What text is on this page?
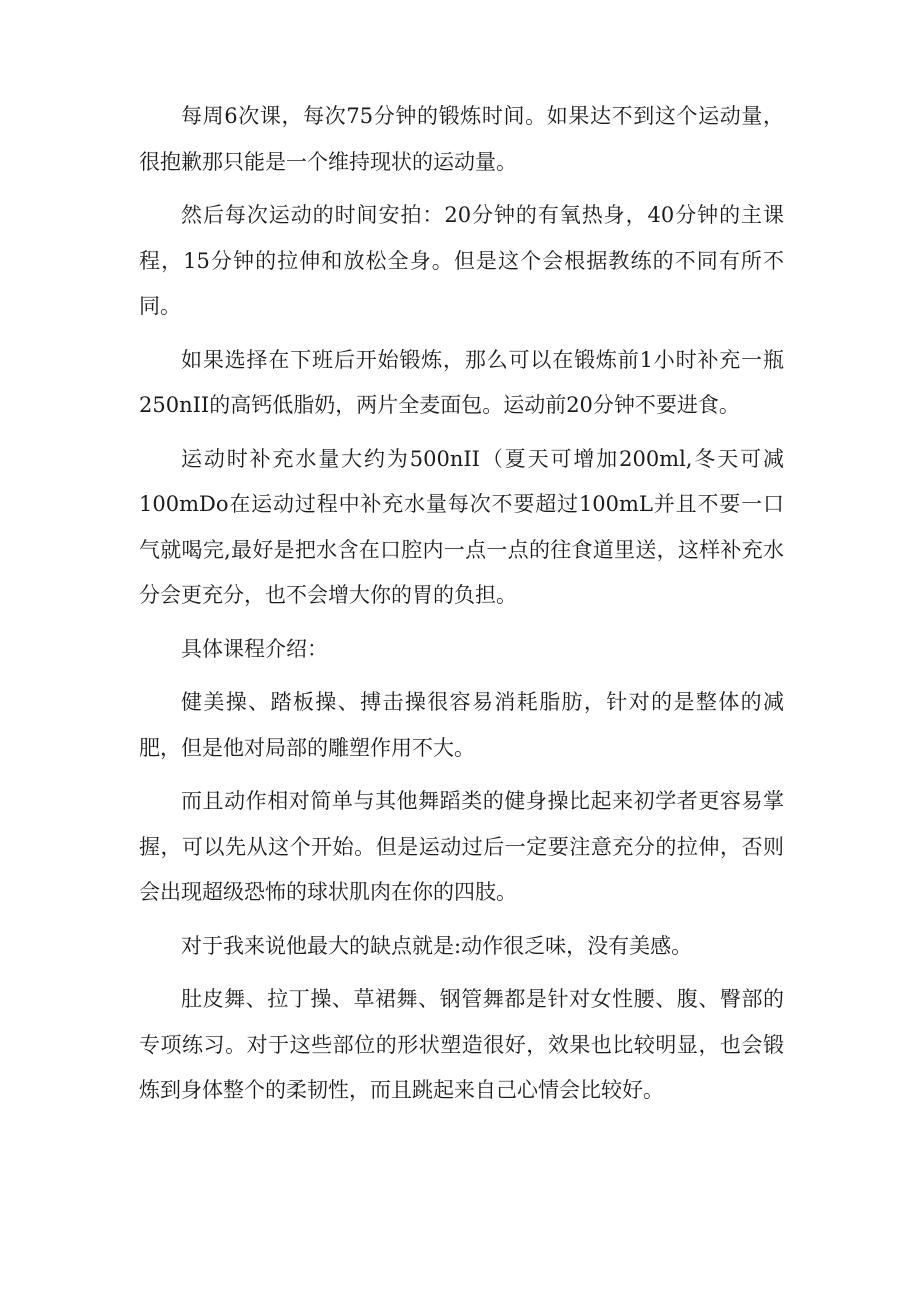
每周6次课，每次75分钟的锻炼时间。如果达不到这个运动量，很抱歉那只能是一个维持现状的运动量。

然后每次运动的时间安拍：20分钟的有氧热身，40分钟的主课程，15分钟的拉伸和放松全身。但是这个会根据教练的不同有所不同。

如果选择在下班后开始锻炼，那么可以在锻炼前1小时补充一瓶250nII的高钙低脂奶，两片全麦面包。运动前20分钟不要进食。

运动时补充水量大约为500nII（夏天可增加200ml,冬天可减100mDo在运动过程中补充水量每次不要超过100mL并且不要一口气就喝完,最好是把水含在口腔内一点一点的往食道里送，这样补充水分会更充分，也不会增大你的胃的负担。

具体课程介绍：

健美操、踏板操、搏击操很容易消耗脂肪，针对的是整体的减肥，但是他对局部的雕塑作用不大。

而且动作相对简单与其他舞蹈类的健身操比起来初学者更容易掌握，可以先从这个开始。但是运动过后一定要注意充分的拉伸，否则会出现超级恐怖的球状肌肉在你的四肢。

对于我来说他最大的缺点就是:动作很乏味，没有美感。

肚皮舞、拉丁操、草裙舞、钢管舞都是针对女性腰、腹、臀部的专项练习。对于这些部位的形状塑造很好，效果也比较明显，也会锻炼到身体整个的柔韧性，而且跳起来自己心情会比较好。
